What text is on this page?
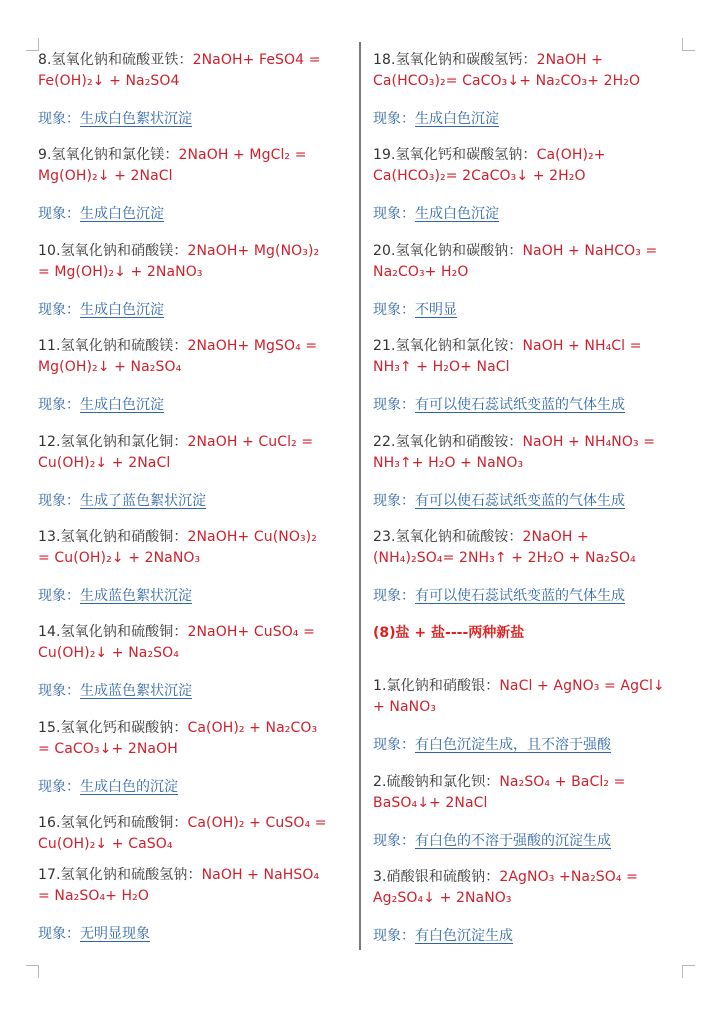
8.氢氧化钠和硫酸亚铁：2NaOH+ FeSO4 = Fe(OH)₂↓ + Na₂SO4
现象：生成白色絮状沉淀
9.氢氧化钠和氯化镁：2NaOH + MgCl₂ = Mg(OH)₂↓ + 2NaCl
现象：生成白色沉淀
10.氢氧化钠和硝酸镁：2NaOH+ Mg(NO₃)₂ = Mg(OH)₂↓ + 2NaNO₃
现象：生成白色沉淀
11.氢氧化钠和硫酸镁：2NaOH+ MgSO₄ = Mg(OH)₂↓ + Na₂SO₄
现象：生成白色沉淀
12.氢氧化钠和氯化铜：2NaOH + CuCl₂ = Cu(OH)₂↓ + 2NaCl
现象：生成了蓝色絮状沉淀
13.氢氧化钠和硝酸铜：2NaOH+ Cu(NO₃)₂ = Cu(OH)₂↓ + 2NaNO₃
现象：生成蓝色絮状沉淀
14.氢氧化钠和硫酸铜：2NaOH+ CuSO₄ = Cu(OH)₂↓ + Na₂SO₄
现象：生成蓝色絮状沉淀
15.氢氧化钙和碳酸钠：Ca(OH)₂ + Na₂CO₃ = CaCO₃↓+ 2NaOH
现象：生成白色的沉淀
16.氢氧化钙和硫酸铜：Ca(OH)₂ + CuSO₄ = Cu(OH)₂↓ + CaSO₄
17.氢氧化钠和硫酸氢钠：NaOH + NaHSO₄ = Na₂SO₄+ H₂O
现象：无明显现象
18.氢氧化钠和碳酸氢钙：2NaOH + Ca(HCO₃)₂= CaCO₃↓+ Na₂CO₃+ 2H₂O
现象：生成白色沉淀
19.氢氧化钙和碳酸氢钠：Ca(OH)₂+ Ca(HCO₃)₂= 2CaCO₃↓ + 2H₂O
现象：生成白色沉淀
20.氢氧化钠和碳酸钠：NaOH + NaHCO₃ = Na₂CO₃+ H₂O
现象：不明显
21.氢氧化钠和氯化铵：NaOH + NH₄Cl = NH₃↑ + H₂O+ NaCl
现象：有可以使石蕊试纸变蓝的气体生成
22.氢氧化钠和硝酸铵：NaOH + NH₄NO₃ = NH₃↑+ H₂O + NaNO₃
现象：有可以使石蕊试纸变蓝的气体生成
23.氢氧化钠和硫酸铵：2NaOH + (NH₄)₂SO₄= 2NH₃↑ + 2H₂O + Na₂SO₄
现象：有可以使石蕊试纸变蓝的气体生成
(8)盐 + 盐----两种新盐
1.氯化钠和硝酸银：NaCl + AgNO₃ = AgCl↓ + NaNO₃
现象：有白色沉淀生成，且不溶于强酸
2.硫酸钠和氯化钡：Na₂SO₄ + BaCl₂ = BaSO₄↓+ 2NaCl
现象：有白色的不溶于强酸的沉淀生成
3.硝酸银和硫酸钠：2AgNO₃ +Na₂SO₄ = Ag₂SO₄↓ + 2NaNO₃
现象：有白色沉淀生成
